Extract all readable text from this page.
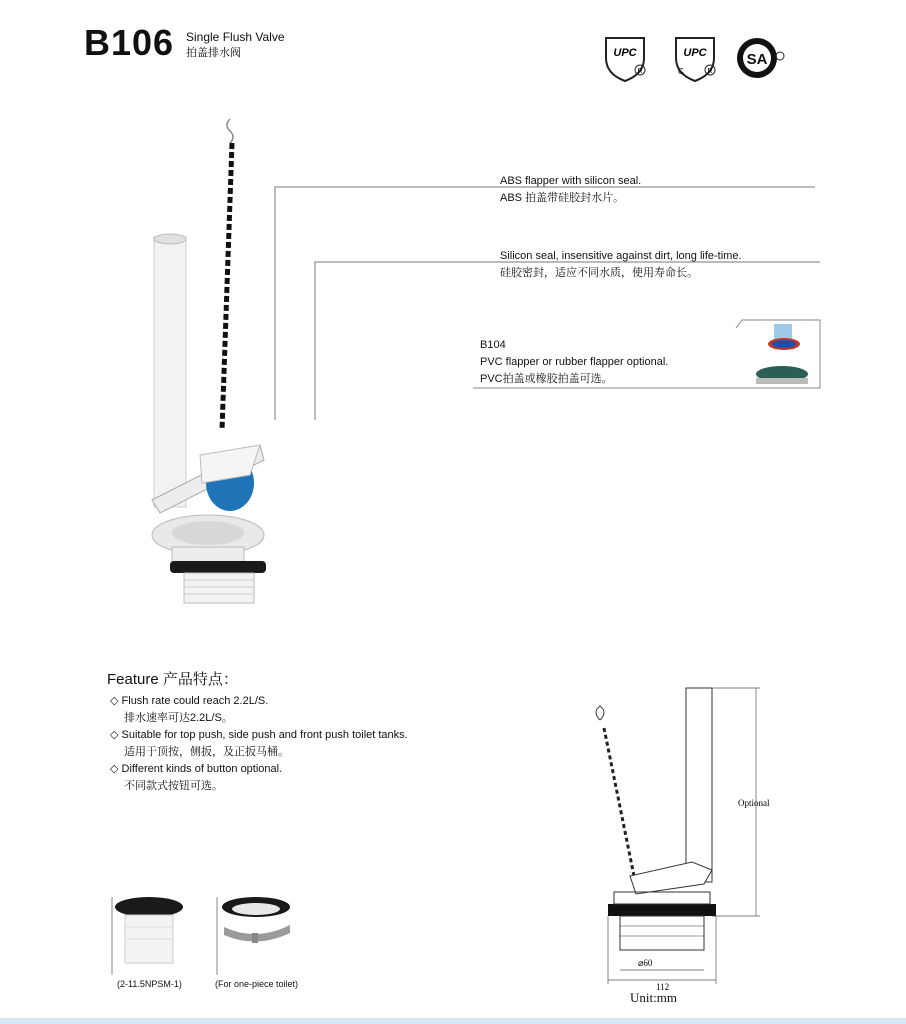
B106 Single Flush Valve
拍盖排水阀	UPC
R
UPC
C	R
SA
ABS flapper with silicon seal.
ABS 拍盖带硅胶封水片。
Silicon seal, insensitive against dirt, long life-time.
硅胶密封，适应不同水质，使用寿命长。
B104
PVC flapper or rubber flapper optional.
PVC拍盖或橡胶拍盖可选。
Feature 产品特点：
◇ Flush rate could reach 2.2L/S.
排水速率可达2.2L/S。
◇ Suitable for top push, side push and front push toilet tanks.
适用于顶按，侧扳，及正扳马桶。
◇ Different kinds of button optional.
不同款式按钮可选。
(2-11.5NPSM-1)	(For one-piece toilet)
Optional
⌀60
112
Unit:mm
